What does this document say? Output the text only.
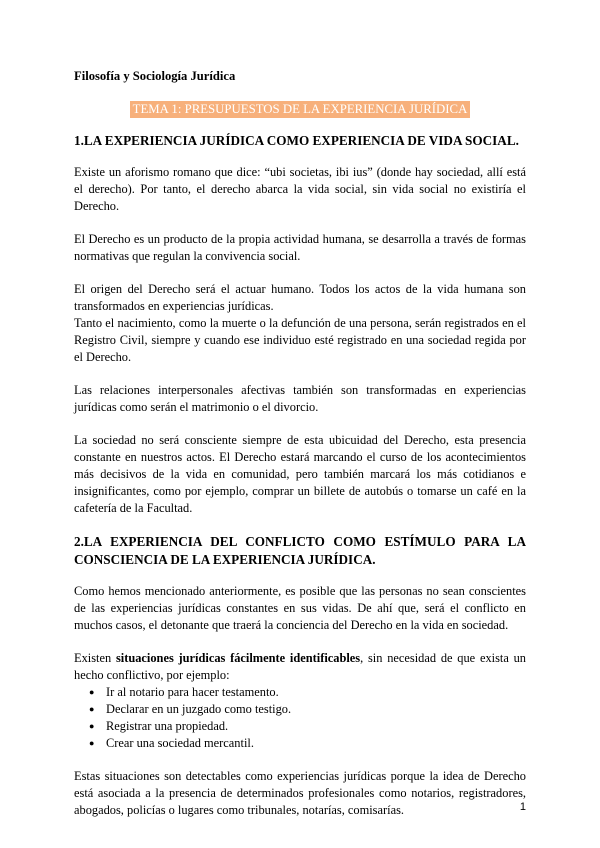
Filosofía y Sociología Jurídica
TEMA 1: PRESUPUESTOS DE LA EXPERIENCIA JURÍDICA
1.LA EXPERIENCIA JURÍDICA COMO EXPERIENCIA DE VIDA SOCIAL.

Existe un aforismo romano que dice: “ubi societas, ibi ius” (donde hay sociedad, allí está el derecho). Por tanto, el derecho abarca la vida social, sin vida social no existiría el Derecho.

El Derecho es un producto de la propia actividad humana, se desarrolla a través de formas normativas que regulan la convivencia social.

El origen del Derecho será el actuar humano. Todos los actos de la vida humana son transformados en experiencias jurídicas.

Tanto el nacimiento, como la muerte o la defunción de una persona, serán registrados en el Registro Civil, siempre y cuando ese individuo esté registrado en una sociedad regida por el Derecho.

Las relaciones interpersonales afectivas también son transformadas en experiencias jurídicas como serán el matrimonio o el divorcio.

La sociedad no será consciente siempre de esta ubicuidad del Derecho, esta presencia constante en nuestros actos. El Derecho estará marcando el curso de los acontecimientos más decisivos de la vida en comunidad, pero también marcará los más cotidianos e insignificantes, como por ejemplo, comprar un billete de autobús o tomarse un café en la cafetería de la Facultad.

2.LA EXPERIENCIA DEL CONFLICTO COMO ESTÍMULO PARA LA CONSCIENCIA DE LA EXPERIENCIA JURÍDICA.

Como hemos mencionado anteriormente, es posible que las personas no sean conscientes de las experiencias jurídicas constantes en sus vidas. De ahí que, será el conflicto en muchos casos, el detonante que traerá la conciencia del Derecho en la vida en sociedad.

Existen situaciones jurídicas fácilmente identificables, sin necesidad de que exista un hecho conflictivo, por ejemplo:

● Ir al notario para hacer testamento.
● Declarar en un juzgado como testigo.
● Registrar una propiedad.
● Crear una sociedad mercantil.

Estas situaciones son detectables como experiencias jurídicas porque la idea de Derecho está asociada a la presencia de determinados profesionales como notarios, registradores, abogados, policías o lugares como tribunales, notarías, comisarías.	1
